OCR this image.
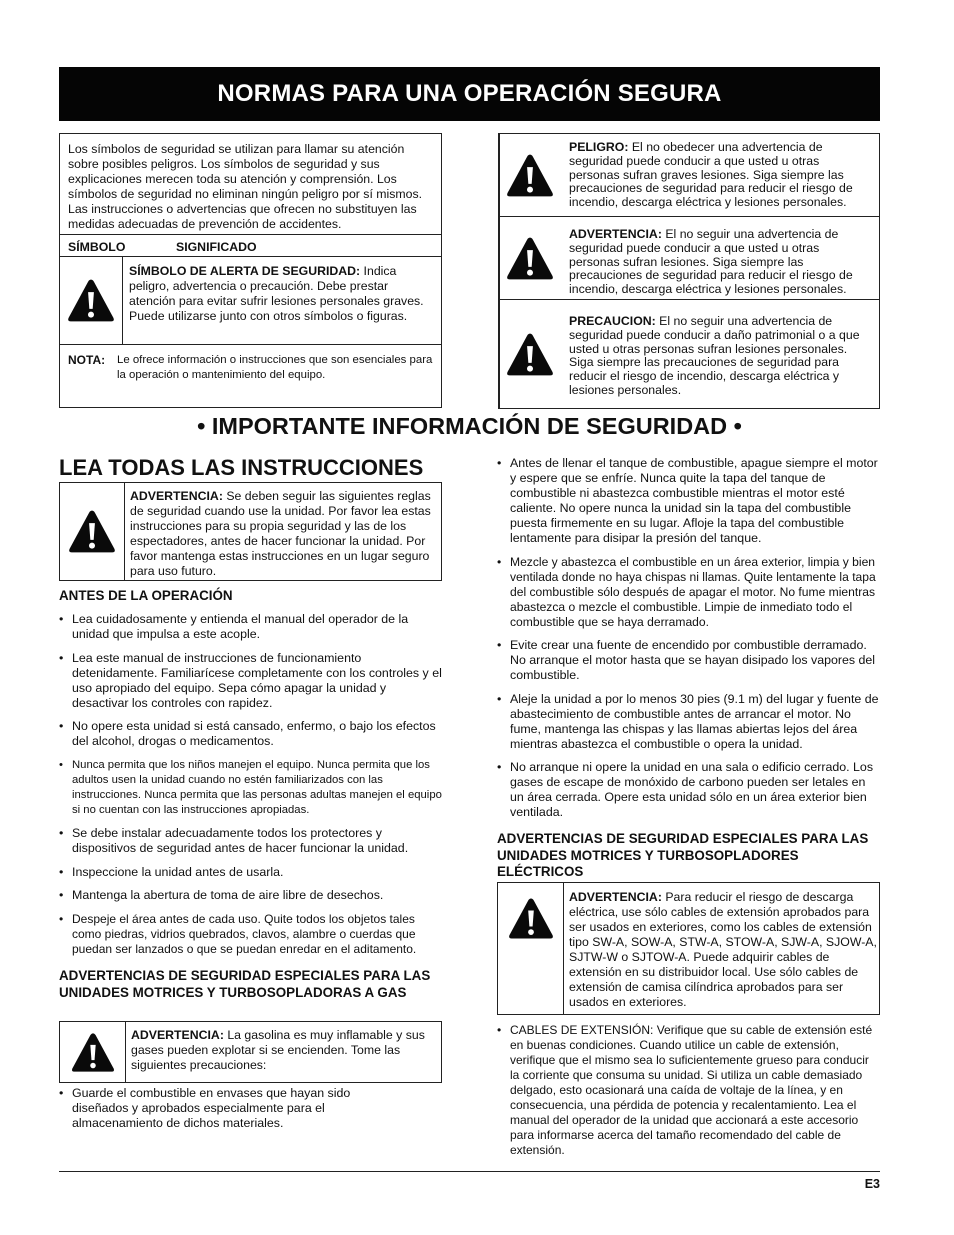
NORMAS PARA UNA OPERACIÓN SEGURA
Los símbolos de seguridad se utilizan para llamar su atención sobre posibles peligros. Los símbolos de seguridad y sus explicaciones merecen toda su atención y comprensión. Los símbolos de seguridad no eliminan ningún peligro por sí mismos. Las instrucciones o advertencias que ofrecen no substituyen las medidas adecuadas de prevención de accidentes.
SÍMBOLO	SIGNIFICADO
SÍMBOLO DE ALERTA DE SEGURIDAD: Indica peligro, advertencia o precaución. Debe prestar atención para evitar sufrir lesiones personales graves. Puede utilizarse junto con otros símbolos o figuras.
NOTA: Le ofrece información o instrucciones que son esenciales para la operación o mantenimiento del equipo.
PELIGRO: El no obedecer una advertencia de seguridad puede conducir a que usted u otras personas sufran graves lesiones. Siga siempre las precauciones de seguridad para reducir el riesgo de incendio, descarga eléctrica y lesiones personales.
ADVERTENCIA: El no seguir una advertencia de seguridad puede conducir a que usted u otras personas sufran lesiones. Siga siempre las precauciones de seguridad para reducir el riesgo de incendio, descarga eléctrica y lesiones personales.
PRECAUCION: El no seguir una advertencia de seguridad puede conducir a daño patrimonial o a que usted u otras personas sufran lesiones personales. Siga siempre las precauciones de seguridad para reducir el riesgo de incendio, descarga eléctrica y lesiones personales.
• IMPORTANTE INFORMACIÓN DE SEGURIDAD •
LEA TODAS LAS INSTRUCCIONES
ADVERTENCIA: Se deben seguir las siguientes reglas de seguridad cuando use la unidad. Por favor lea estas instrucciones para su propia seguridad y las de los espectadores, antes de hacer funcionar la unidad. Por favor mantenga estas instrucciones en un lugar seguro para uso futuro.
ANTES DE LA OPERACIÓN
• Lea cuidadosamente y entienda el manual del operador de la unidad que impulsa a este acople.
• Lea este manual de instrucciones de funcionamiento detenidamente. Familiarícese completamente con los controles y el uso apropiado del equipo. Sepa cómo apagar la unidad y desactivar los controles con rapidez.
• No opere esta unidad si está cansado, enfermo, o bajo los efectos del alcohol, drogas o medicamentos.
• Nunca permita que los niños manejen el equipo. Nunca permita que los adultos usen la unidad cuando no estén familiarizados con las instrucciones. Nunca permita que las personas adultas manejen el equipo si no cuentan con las instrucciones apropiadas.
• Se debe instalar adecuadamente todos los protectores y dispositivos de seguridad antes de hacer funcionar la unidad.
• Inspeccione la unidad antes de usarla.
• Mantenga la abertura de toma de aire libre de desechos.
• Despeje el área antes de cada uso. Quite todos los objetos tales como piedras, vidrios quebrados, clavos, alambre o cuerdas que puedan ser lanzados o que se puedan enredar en el aditamento.
ADVERTENCIAS DE SEGURIDAD ESPECIALES PARA LAS UNIDADES MOTRICES Y TURBOSOPLADORAS A GAS
ADVERTENCIA: La gasolina es muy inflamable y sus gases pueden explotar si se encienden. Tome las siguientes precauciones:
• Guarde el combustible en envases que hayan sido diseñados y aprobados especialmente para el almacenamiento de dichos materiales.
• Antes de llenar el tanque de combustible, apague siempre el motor y espere que se enfríe. Nunca quite la tapa del tanque de combustible ni abastezca combustible mientras el motor esté caliente. No opere nunca la unidad sin la tapa del combustible puesta firmemente en su lugar. Afloje la tapa del combustible lentamente para disipar la presión del tanque.
• Mezcle y abastezca el combustible en un área exterior, limpia y bien ventilada donde no haya chispas ni llamas. Quite lentamente la tapa del combustible sólo después de apagar el motor. No fume mientras abastezca o mezcle el combustible. Limpie de inmediato todo el combustible que se haya derramado.
• Evite crear una fuente de encendido por combustible derramado. No arranque el motor hasta que se hayan disipado los vapores del combustible.
• Aleje la unidad a por lo menos 30 pies (9.1 m) del lugar y fuente de abastecimiento de combustible antes de arrancar el motor. No fume, mantenga las chispas y las llamas abiertas lejos del área mientras abastezca el combustible o opera la unidad.
• No arranque ni opere la unidad en una sala o edificio cerrado. Los gases de escape de monóxido de carbono pueden ser letales en un área cerrada. Opere esta unidad sólo en un área exterior bien ventilada.
ADVERTENCIAS DE SEGURIDAD ESPECIALES PARA LAS UNIDADES MOTRICES Y TURBOSOPLADORES ELÉCTRICOS
ADVERTENCIA: Para reducir el riesgo de descarga eléctrica, use sólo cables de extensión aprobados para ser usados en exteriores, como los cables de extensión tipo SW-A, SOW-A, STW-A, STOW-A, SJW-A, SJOW-A, SJTW-W o SJTOW-A. Puede adquirir cables de extensión en su distribuidor local. Use sólo cables de extensión de camisa cilíndrica aprobados para ser usados en exteriores.
• CABLES DE EXTENSIÓN: Verifique que su cable de extensión esté en buenas condiciones. Cuando utilice un cable de extensión, verifique que el mismo sea lo suficientemente grueso para conducir la corriente que consuma su unidad. Si utiliza un cable demasiado delgado, esto ocasionará una caída de voltaje de la línea, y en consecuencia, una pérdida de potencia y recalentamiento. Lea el manual del operador de la unidad que accionará a este accesorio para informarse acerca del tamaño recomendado del cable de extensión.
E3
